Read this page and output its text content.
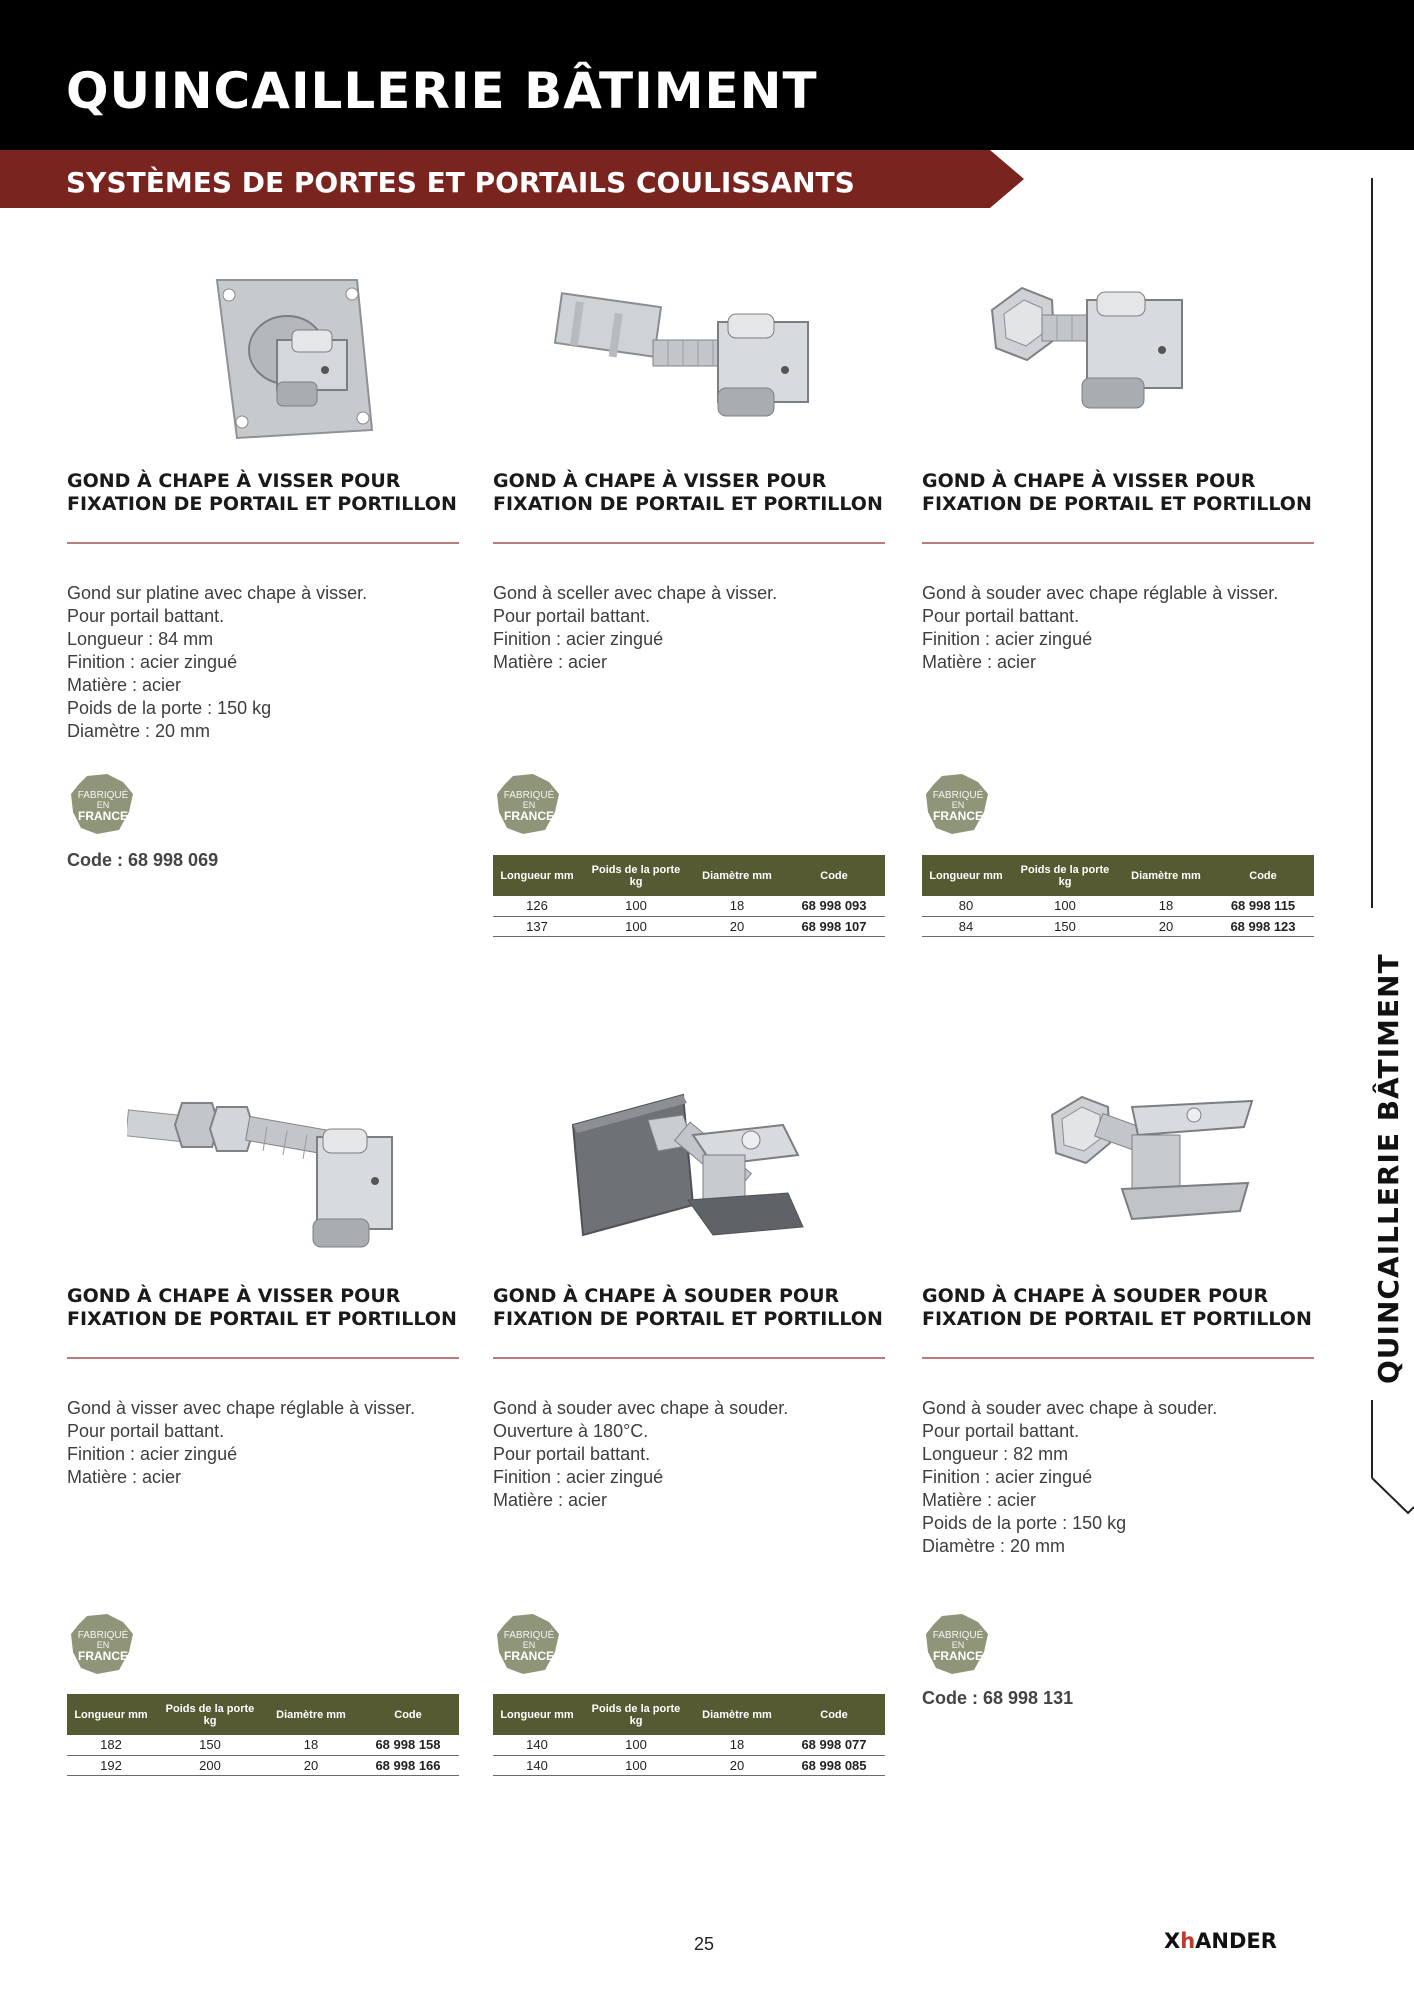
QUINCAILLERIE BÂTIMENT
SYSTÈMES DE PORTES ET PORTAILS COULISSANTS
QUINCAILLERIE BÂTIMENT
GOND À CHAPE À VISSER POUR FIXATION DE PORTAIL ET PORTILLON
Gond sur platine avec chape à visser.
Pour portail battant.
Longueur : 84 mm
Finition : acier zingué
Matière : acier
Poids de la porte : 150 kg
Diamètre : 20 mm
FABRIQUÉ
EN
FRANCE
Code : 68 998 069
GOND À CHAPE À VISSER POUR FIXATION DE PORTAIL ET PORTILLON
Gond à sceller avec chape à visser.
Pour portail battant.
Finition : acier zingué
Matière : acier
FABRIQUÉ
EN
FRANCE
Longueur mm	Poids de la porte kg	Diamètre mm	Code
126	100	18	68 998 093
137	100	20	68 998 107
GOND À CHAPE À VISSER POUR FIXATION DE PORTAIL ET PORTILLON
Gond à souder avec chape réglable à visser.
Pour portail battant.
Finition : acier zingué
Matière : acier
FABRIQUÉ
EN
FRANCE
Longueur mm	Poids de la porte kg	Diamètre mm	Code
80	100	18	68 998 115
84	150	20	68 998 123
GOND À CHAPE À VISSER POUR FIXATION DE PORTAIL ET PORTILLON
Gond à visser avec chape réglable à visser.
Pour portail battant.
Finition : acier zingué
Matière : acier
FABRIQUÉ
EN
FRANCE
Longueur mm	Poids de la porte kg	Diamètre mm	Code
182	150	18	68 998 158
192	200	20	68 998 166
GOND À CHAPE À SOUDER POUR FIXATION DE PORTAIL ET PORTILLON
Gond à souder avec chape à souder.
Ouverture à 180°C.
Pour portail battant.
Finition : acier zingué
Matière : acier
FABRIQUÉ
EN
FRANCE
Longueur mm	Poids de la porte kg	Diamètre mm	Code
140	100	18	68 998 077
140	100	20	68 998 085
GOND À CHAPE À SOUDER POUR FIXATION DE PORTAIL ET PORTILLON
Gond à souder avec chape à souder.
Pour portail battant.
Longueur : 82 mm
Finition : acier zingué
Matière : acier
Poids de la porte : 150 kg
Diamètre : 20 mm
FABRIQUÉ
EN
FRANCE
Code : 68 998 131
25	XhANDER
